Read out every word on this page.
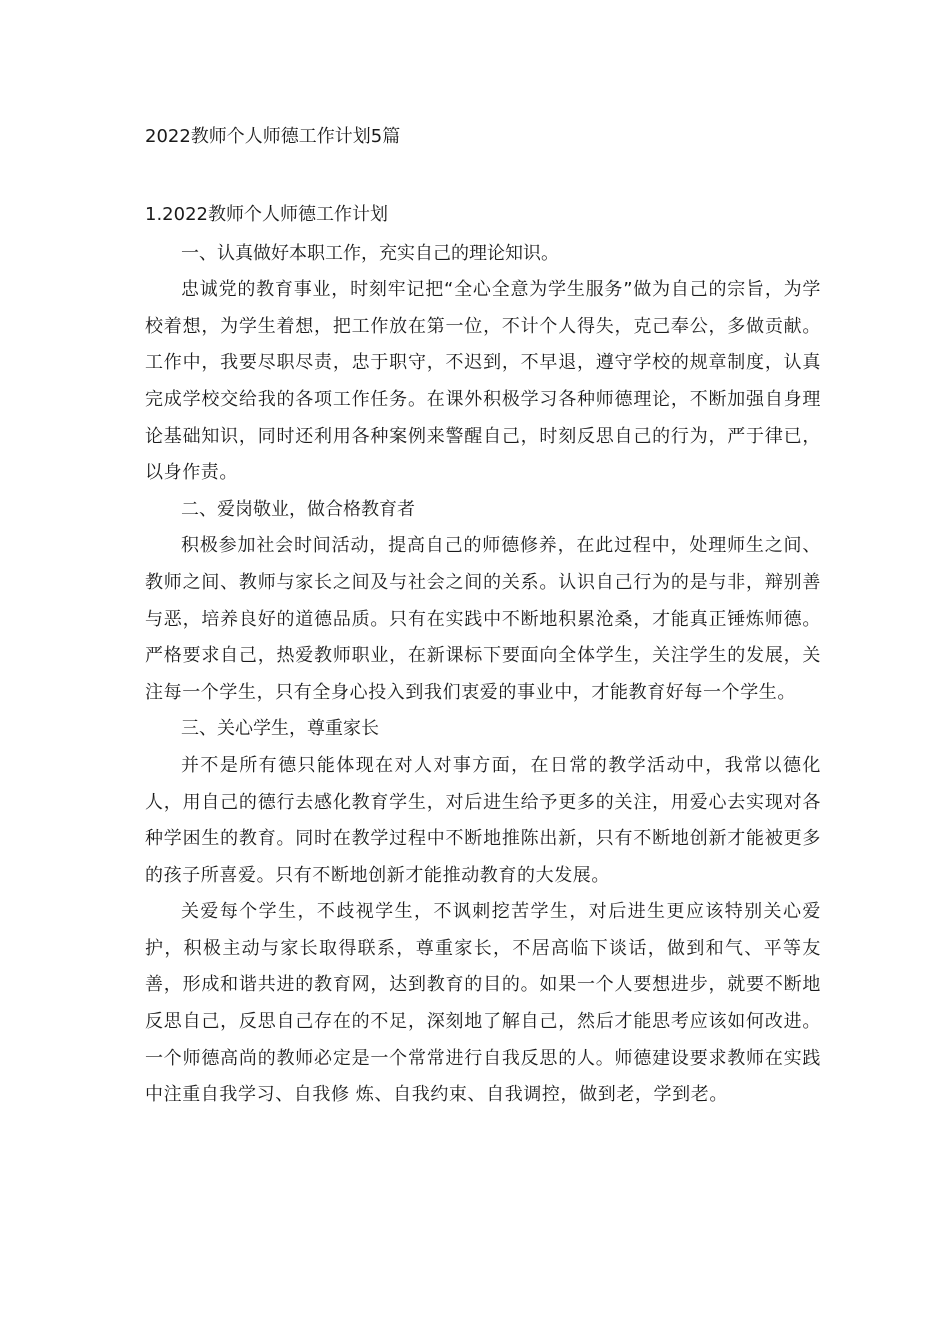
2022教师个人师德工作计划5篇

1.2022教师个人师德工作计划

一、认真做好本职工作，充实自己的理论知识。

忠诚党的教育事业，时刻牢记把“全心全意为学生服务”做为自己的宗旨，为学校着想，为学生着想，把工作放在第一位，不计个人得失，克己奉公，多做贡献。工作中，我要尽职尽责，忠于职守，不迟到，不早退，遵守学校的规章制度，认真完成学校交给我的各项工作任务。在课外积极学习各种师德理论，不断加强自身理论基础知识，同时还利用各种案例来警醒自己，时刻反思自己的行为，严于律已，以身作责。

二、爱岗敬业，做合格教育者

积极参加社会时间活动，提高自己的师德修养，在此过程中，处理师生之间、教师之间、教师与家长之间及与社会之间的关系。认识自己行为的是与非，辩别善与恶，培养良好的道德品质。只有在实践中不断地积累沧桑，才能真正锤炼师德。严格要求自己，热爱教师职业，在新课标下要面向全体学生，关注学生的发展，关注每一个学生，只有全身心投入到我们衷爱的事业中，才能教育好每一个学生。

三、关心学生，尊重家长

并不是所有德只能体现在对人对事方面，在日常的教学活动中，我常以德化人，用自己的德行去感化教育学生，对后进生给予更多的关注，用爱心去实现对各种学困生的教育。同时在教学过程中不断地推陈出新，只有不断地创新才能被更多的孩子所喜爱。只有不断地创新才能推动教育的大发展。

关爱每个学生，不歧视学生，不讽刺挖苦学生，对后进生更应该特别关心爱护，积极主动与家长取得联系，尊重家长，不居高临下谈话，做到和气、平等友善，形成和谐共进的教育网，达到教育的目的。如果一个人要想进步，就要不断地反思自己，反思自己存在的不足，深刻地了解自己，然后才能思考应该如何改进。一个师德高尚的教师必定是一个常常进行自我反思的人。师德建设要求教师在实践中注重自我学习、自我修 炼、自我约束、自我调控，做到老，学到老。
